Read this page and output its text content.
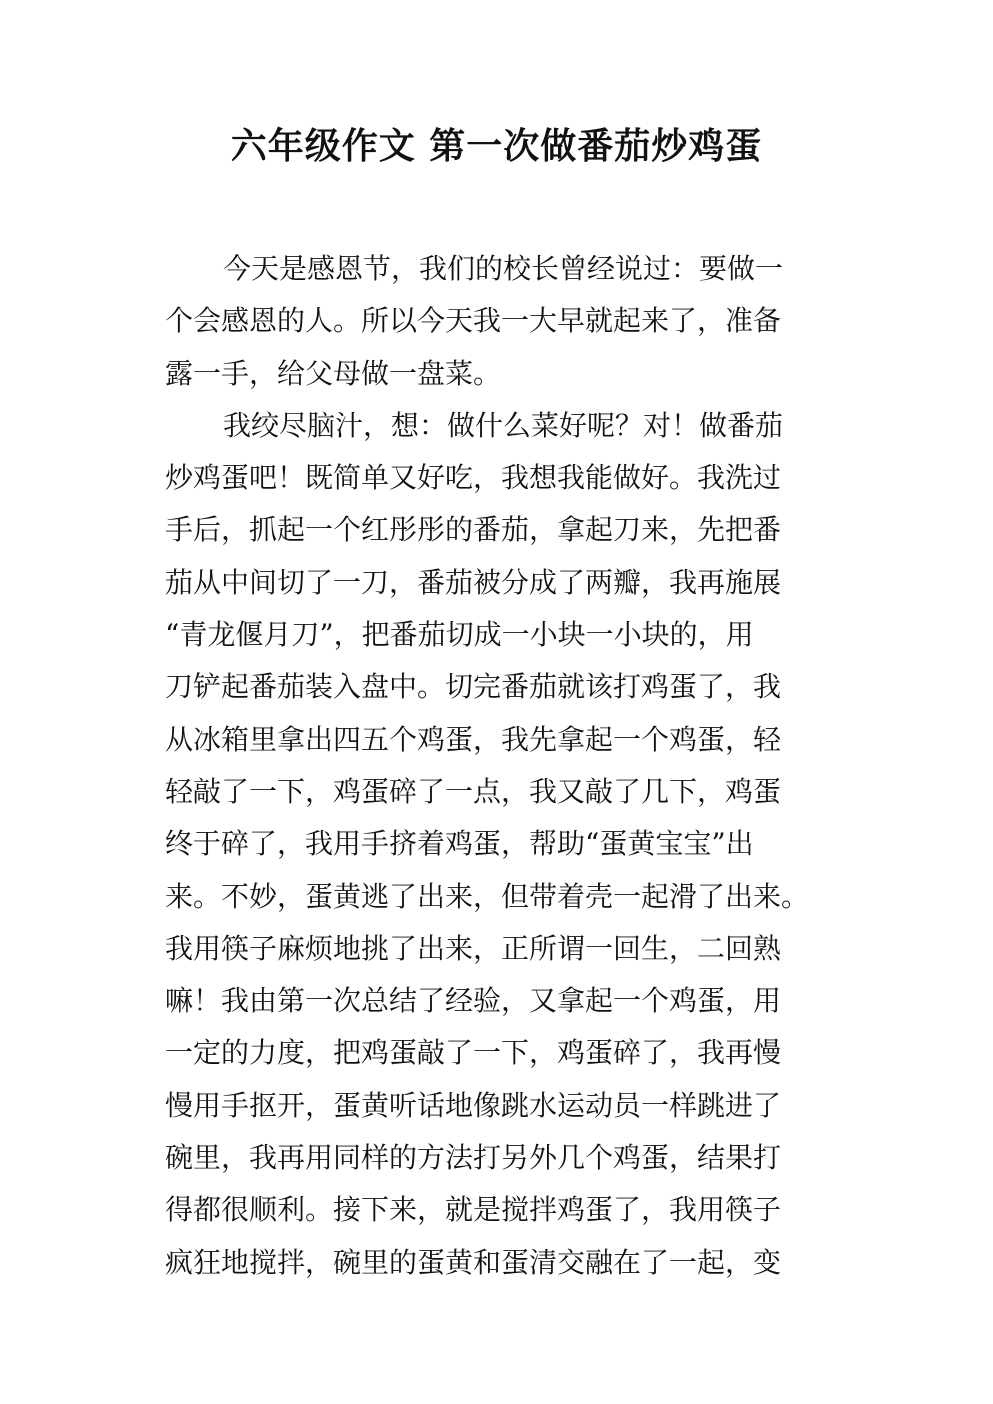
六年级作文 第一次做番茄炒鸡蛋
今天是感恩节，我们的校长曾经说过：要做一
个会感恩的人。所以今天我一大早就起来了，准备
露一手，给父母做一盘菜。
我绞尽脑汁，想：做什么菜好呢？对！做番茄
炒鸡蛋吧！既简单又好吃，我想我能做好。我洗过
手后，抓起一个红彤彤的番茄，拿起刀来，先把番
茄从中间切了一刀，番茄被分成了两瓣，我再施展
“青龙偃月刀”，把番茄切成一小块一小块的，用
刀铲起番茄装入盘中。切完番茄就该打鸡蛋了，我
从冰箱里拿出四五个鸡蛋，我先拿起一个鸡蛋，轻
轻敲了一下，鸡蛋碎了一点，我又敲了几下，鸡蛋
终于碎了，我用手挤着鸡蛋，帮助“蛋黄宝宝”出
来。不妙，蛋黄逃了出来，但带着壳一起滑了出来。
我用筷子麻烦地挑了出来，正所谓一回生，二回熟
嘛！我由第一次总结了经验，又拿起一个鸡蛋，用
一定的力度，把鸡蛋敲了一下，鸡蛋碎了，我再慢
慢用手抠开，蛋黄听话地像跳水运动员一样跳进了
碗里，我再用同样的方法打另外几个鸡蛋，结果打
得都很顺利。接下来，就是搅拌鸡蛋了，我用筷子
疯狂地搅拌，碗里的蛋黄和蛋清交融在了一起，变
